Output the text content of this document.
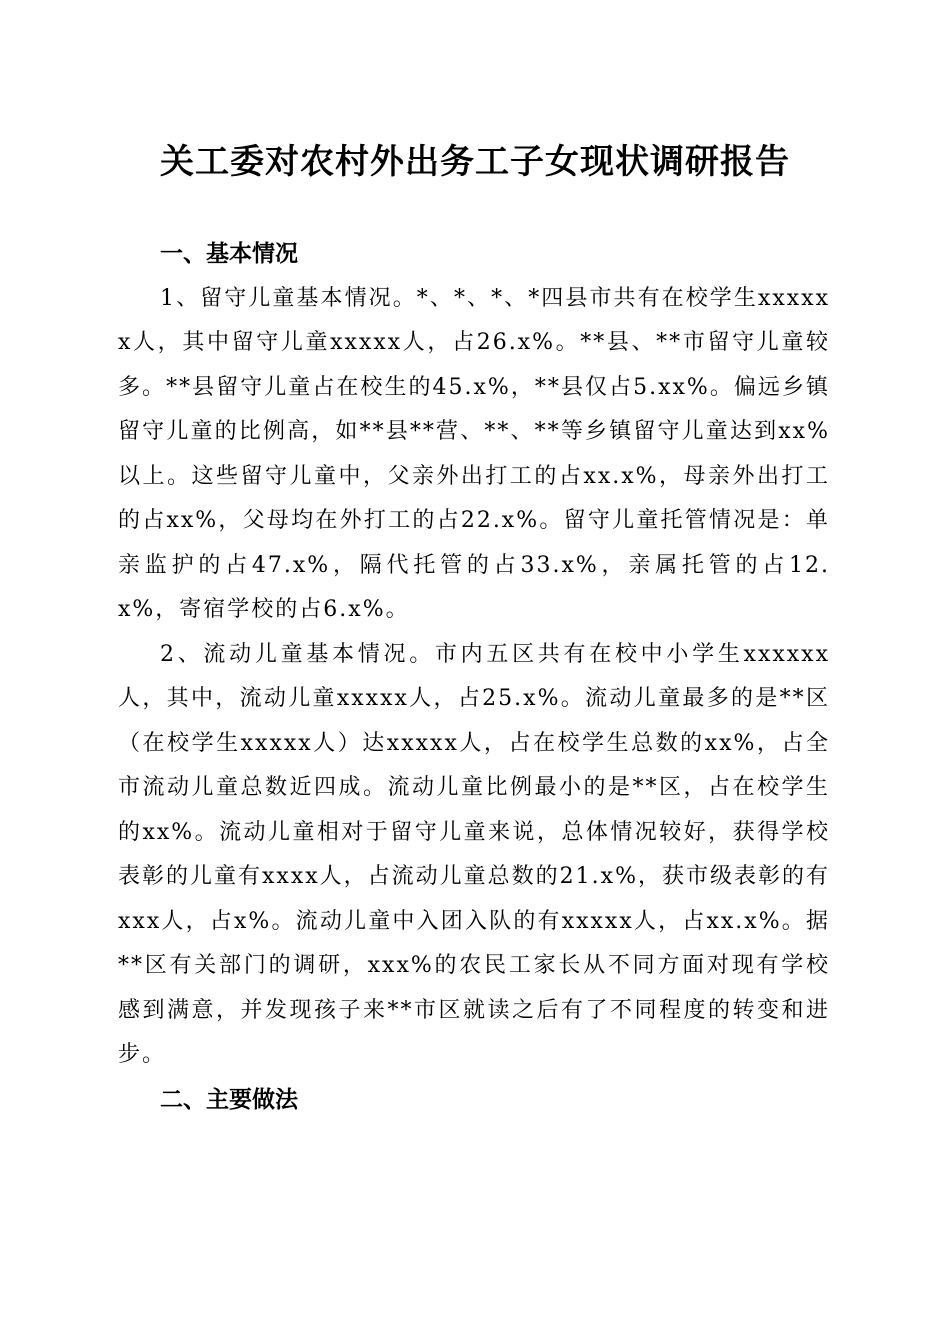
关工委对农村外出务工子女现状调研报告

一、基本情况

1、留守儿童基本情况。*、*、*、*四县市共有在校学生xxxxxx人，其中留守儿童xxxxx人，占26.x%。**县、**市留守儿童较多。**县留守儿童占在校生的45.x%，**县仅占5.xx%。偏远乡镇留守儿童的比例高，如**县**营、**、**等乡镇留守儿童达到xx%以上。这些留守儿童中，父亲外出打工的占xx.x%，母亲外出打工的占xx%，父母均在外打工的占22.x%。留守儿童托管情况是：单亲监护的占47.x%，隔代托管的占33.x%，亲属托管的占12.x%，寄宿学校的占6.x%。

2、流动儿童基本情况。市内五区共有在校中小学生xxxxxx人，其中，流动儿童xxxxx人，占25.x%。流动儿童最多的是**区（在校学生xxxxx人）达xxxxx人，占在校学生总数的xx%，占全市流动儿童总数近四成。流动儿童比例最小的是**区，占在校学生的xx%。流动儿童相对于留守儿童来说，总体情况较好，获得学校表彰的儿童有xxxx人，占流动儿童总数的21.x%，获市级表彰的有xxx人，占x%。流动儿童中入团入队的有xxxxx人，占xx.x%。据**区有关部门的调研，xxx%的农民工家长从不同方面对现有学校感到满意，并发现孩子来**市区就读之后有了不同程度的转变和进步。

二、主要做法
